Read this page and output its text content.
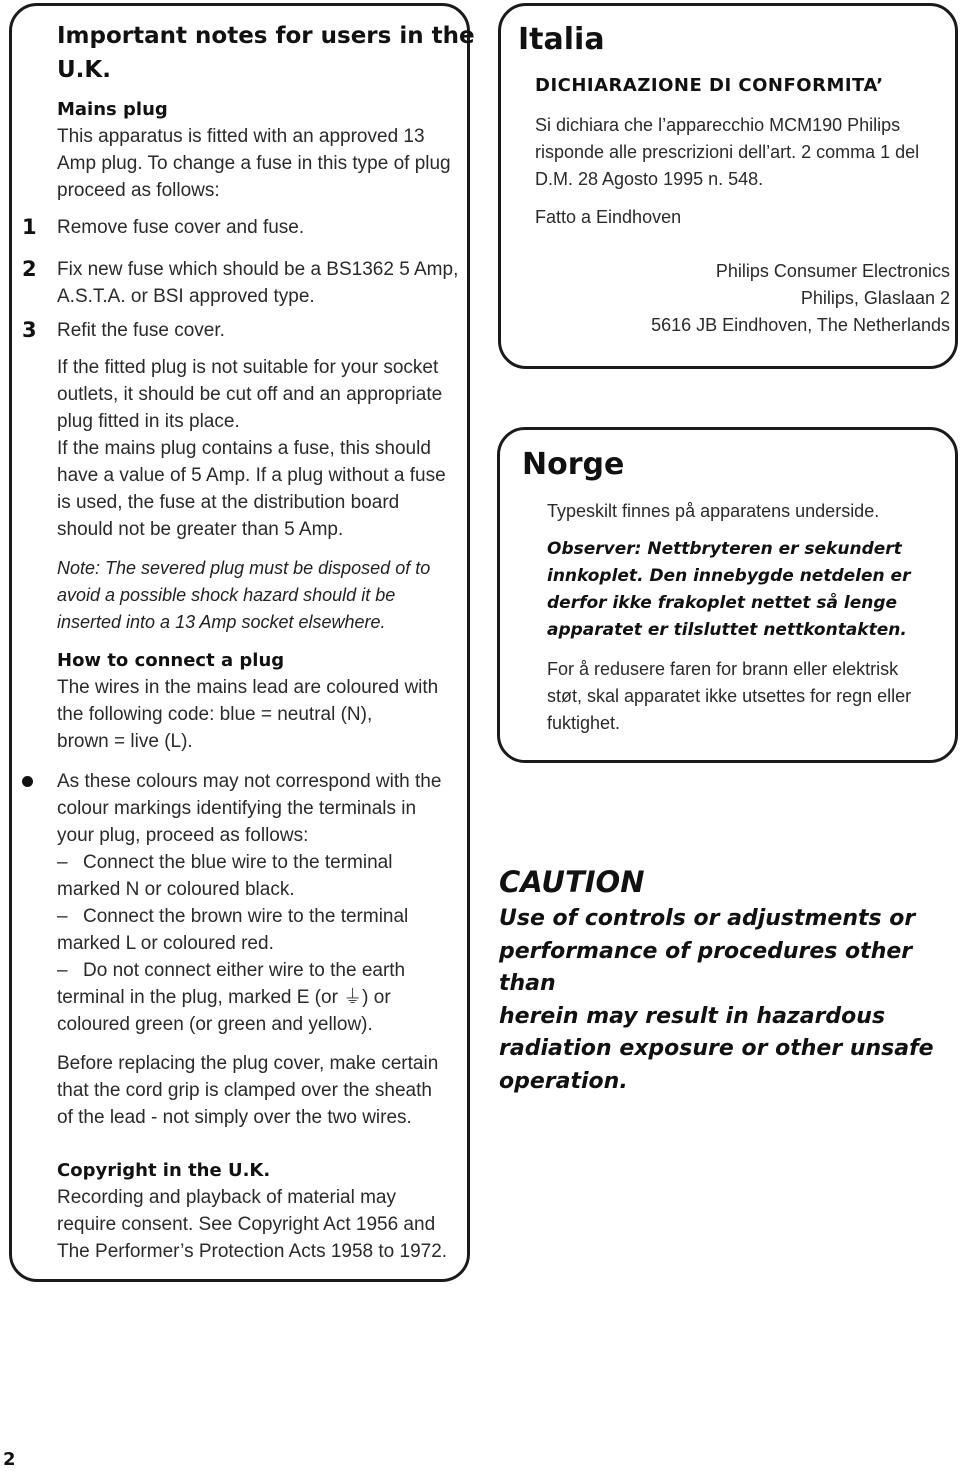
Important notes for users in the
U.K.
Mains plug
This apparatus is fitted with an approved 13
Amp plug. To change a fuse in this type of plug
proceed as follows:
1 Remove fuse cover and fuse.
2 Fix new fuse which should be a BS1362 5 Amp,
A.S.T.A. or BSI approved type.
3 Refit the fuse cover.
If the fitted plug is not suitable for your socket
outlets, it should be cut off and an appropriate
plug fitted in its place.
If the mains plug contains a fuse, this should
have a value of 5 Amp. If a plug without a fuse
is used, the fuse at the distribution board
should not be greater than 5 Amp.
Note: The severed plug must be disposed of to
avoid a possible shock hazard should it be
inserted into a 13 Amp socket elsewhere.
How to connect a plug
The wires in the mains lead are coloured with
the following code: blue = neutral (N),
brown = live (L).
As these colours may not correspond with the
colour markings identifying the terminals in
your plug, proceed as follows:
– Connect the blue wire to the terminal
marked N or coloured black.
– Connect the brown wire to the terminal
marked L or coloured red.
– Do not connect either wire to the earth
terminal in the plug, marked E (or ⏚) or
coloured green (or green and yellow).
Before replacing the plug cover, make certain
that the cord grip is clamped over the sheath
of the lead - not simply over the two wires.
Copyright in the U.K.
Recording and playback of material may
require consent. See Copyright Act 1956 and
The Performer’s Protection Acts 1958 to 1972.
Italia
DICHIARAZIONE DI CONFORMITA’
Si dichiara che l’apparecchio MCM190 Philips
risponde alle prescrizioni dell’art. 2 comma 1 del
D.M. 28 Agosto 1995 n. 548.
Fatto a Eindhoven
Philips Consumer Electronics
Philips, Glaslaan 2
5616 JB Eindhoven, The Netherlands
Norge
Typeskilt finnes på apparatens underside.
Observer: Nettbryteren er sekundert
innkoplet. Den innebygde netdelen er
derfor ikke frakoplet nettet så lenge
apparatet er tilsluttet nettkontakten.
For å redusere faren for brann eller elektrisk
støt, skal apparatet ikke utsettes for regn eller
fuktighet.
CAUTION
Use of controls or adjustments or
performance of procedures other than
herein may result in hazardous
radiation exposure or other unsafe
operation.
2
